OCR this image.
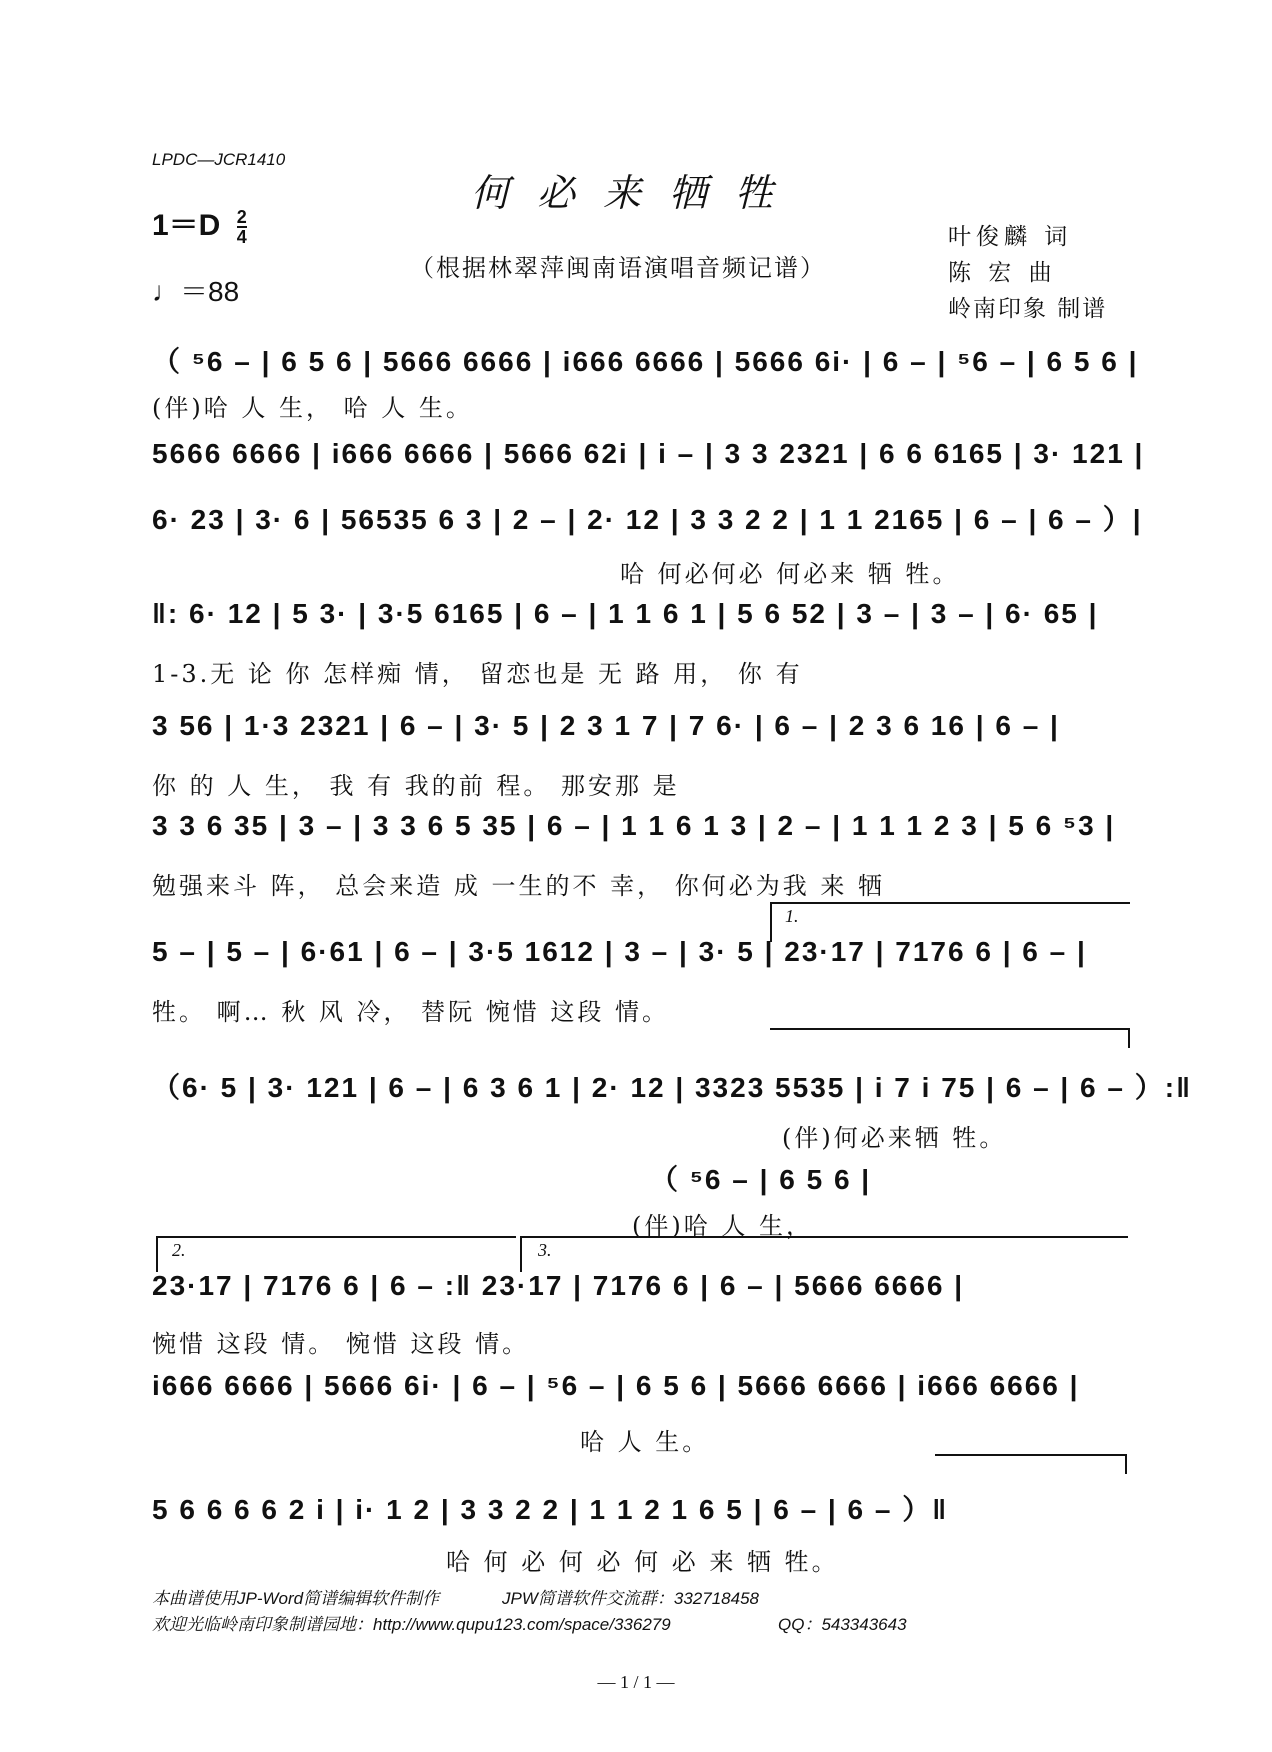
LPDC—JCR1410
何必来牺牲
（根据林翠萍闽南语演唱音频记谱）
$1=D \frac{2}{4}$
♩＝88
叶俊麟 词
陈 宏 曲
岭南印象 制谱
（ ⁵6 – | 6 5 6 | 5666 6666 | i666 6666 | 5666 6i· | 6 – | ⁵6 – | 6 5 6 |
(伴)哈 人 生， 哈 人 生。
5666 6666 | i666 6666 | 5666 62i | i – | 3 3 2321 | 6 6 6165 | 3· 121 |
6· 23 | 3· 6 | 56535 6 3 | 2 – | 2· 12 | 3 3 2 2 | 1 1 2165 | 6 – | 6 – ）|
哈 何必何必 何必来 牺 牲。
‖: 6· 12 | 5 3· | 3·5 6165 | 6 – | 1 1 6 1 | 5 6 52 | 3 – | 3 – | 6· 65 |
1-3.无 论 你 怎样痴 情， 留恋也是 无 路 用， 你 有
3 56 | 1·3 2321 | 6 – | 3· 5 | 2 3 1 7 | 7 6· | 6 – | 2 3 6 16 | 6 – |
你 的 人 生， 我 有 我的前 程。 那安那 是
3 3 6 35 | 3 – | 3 3 6 5 35 | 6 – | 1 1 6 1 3 | 2 – | 1 1 1 2 3 | 5 6 ⁵3 |
勉强来斗 阵， 总会来造 成 一生的不 幸， 你何必为我 来 牺
1.
5 – | 5 – | 6·61 | 6 – | 3·5 1612 | 3 – | 3· 5 | 23·17 | 7176 6 | 6 – |
牲。 啊… 秋 风 冷， 替阮 惋惜 这段 情。
（6· 5 | 3· 121 | 6 – | 6 3 6 1 | 2· 12 | 3323 5535 | i 7 i 75 | 6 – | 6 – ）:‖
(伴)何必来牺 牲。
（ ⁵6 – | 6 5 6 |
(伴)哈 人 生，
2.	3.
23·17 | 7176 6 | 6 – :‖ 23·17 | 7176 6 | 6 – | 5666 6666 |
惋惜 这段 情。 惋惜 这段 情。
i666 6666 | 5666 6i· | 6 – | ⁵6 – | 6 5 6 | 5666 6666 | i666 6666 |
哈 人 生。
5 6 6 6 6 2 i | i· 1 2 | 3 3 2 2 | 1 1 2 1 6 5 | 6 – | 6 – ）‖
哈 何 必 何 必 何 必 来 牺 牲。
本曲谱使用JP-Word简谱编辑软件制作	JPW简谱软件交流群：332718458
欢迎光临岭南印象制谱园地：http://www.qupu123.com/space/336279	QQ：543343643
— 1 / 1 —
